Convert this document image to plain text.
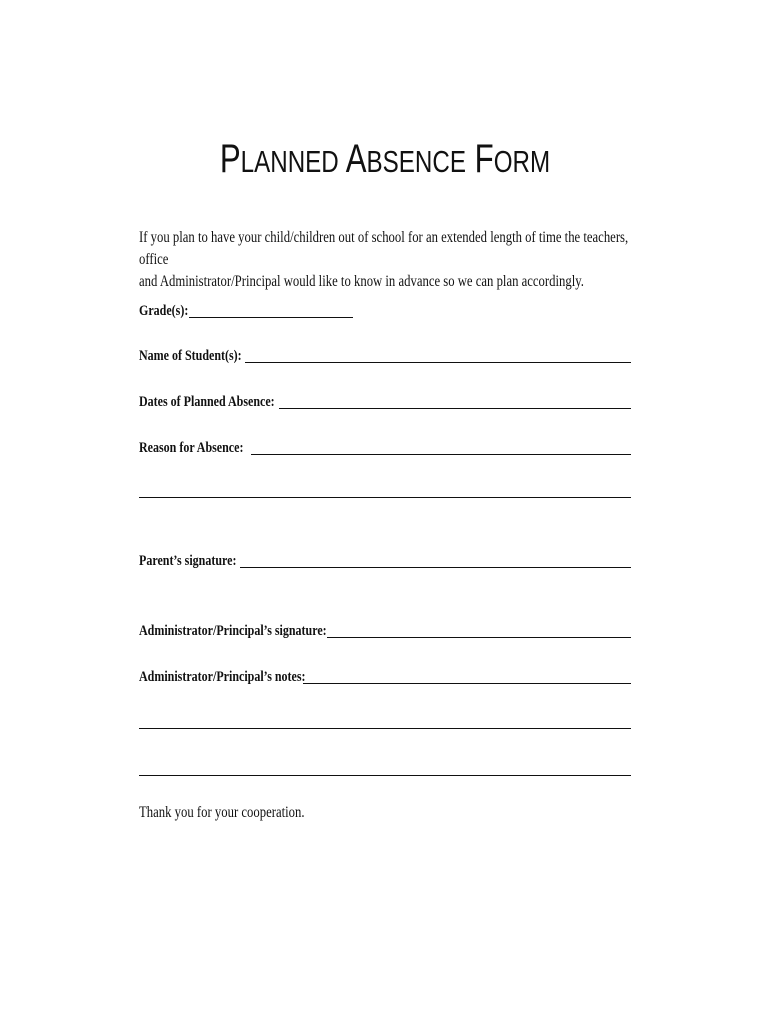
PLANNED ABSENCE FORM
If you plan to have your child/children out of school for an extended length of time the teachers, office
and Administrator/Principal would like to know in advance so we can plan accordingly.
Grade(s):
Name of Student(s):
Dates of Planned Absence:
Reason for Absence:
Parent’s signature:
Administrator/Principal’s signature:
Administrator/Principal’s notes:
Thank you for your cooperation.
